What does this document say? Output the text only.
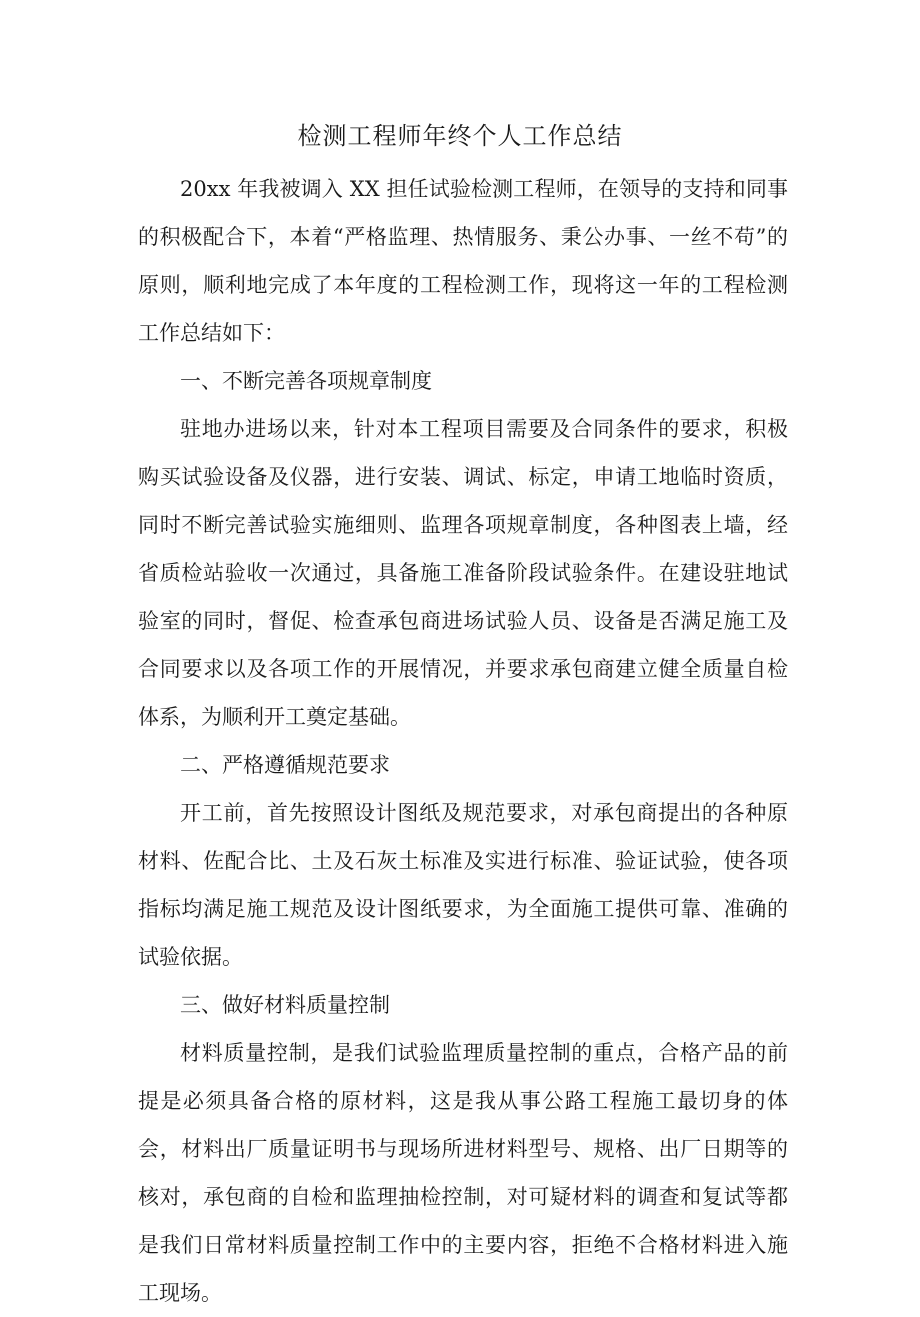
检测工程师年终个人工作总结

20xx 年我被调入 XX 担任试验检测工程师，在领导的支持和同事的积极配合下，本着“严格监理、热情服务、秉公办事、一丝不苟”的原则，顺利地完成了本年度的工程检测工作，现将这一年的工程检测工作总结如下：

一、不断完善各项规章制度

驻地办进场以来，针对本工程项目需要及合同条件的要求，积极购买试验设备及仪器，进行安装、调试、标定，申请工地临时资质，同时不断完善试验实施细则、监理各项规章制度，各种图表上墙，经省质检站验收一次通过，具备施工准备阶段试验条件。在建设驻地试验室的同时，督促、检查承包商进场试验人员、设备是否满足施工及合同要求以及各项工作的开展情况，并要求承包商建立健全质量自检体系，为顺利开工奠定基础。

二、严格遵循规范要求

开工前，首先按照设计图纸及规范要求，对承包商提出的各种原材料、佐配合比、土及石灰土标准及实进行标准、验证试验，使各项指标均满足施工规范及设计图纸要求，为全面施工提供可靠、准确的试验依据。

三、做好材料质量控制

材料质量控制，是我们试验监理质量控制的重点，合格产品的前提是必须具备合格的原材料，这是我从事公路工程施工最切身的体会，材料出厂质量证明书与现场所进材料型号、规格、出厂日期等的核对，承包商的自检和监理抽检控制，对可疑材料的调查和复试等都是我们日常材料质量控制工作中的主要内容，拒绝不合格材料进入施工现场。
